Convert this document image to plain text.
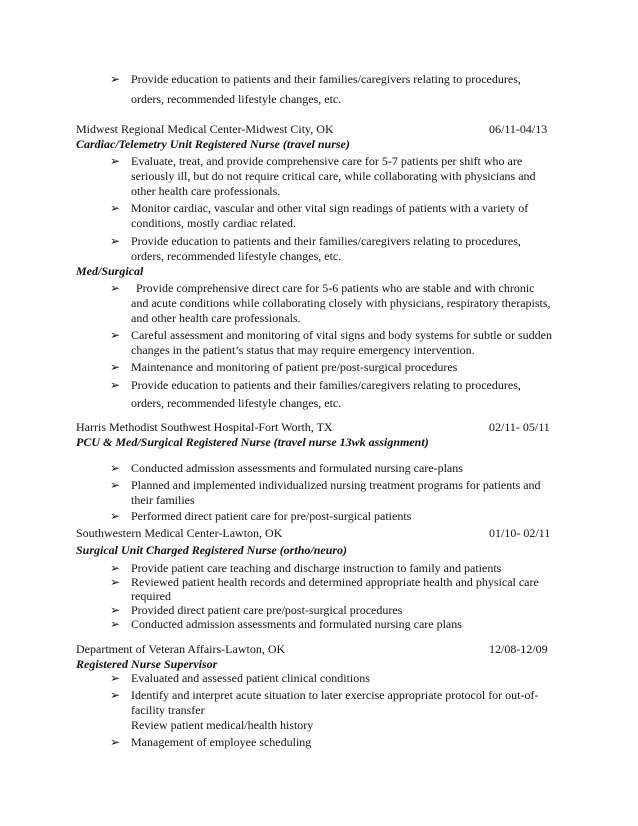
➢ Provide education to patients and their families/caregivers relating to procedures,
orders, recommended lifestyle changes, etc.
Midwest Regional Medical Center-Midwest City, OK	06/11-04/13
Cardiac/Telemetry Unit Registered Nurse (travel nurse)
➢ Evaluate, treat, and provide comprehensive care for 5-7 patients per shift who are
seriously ill, but do not require critical care, while collaborating with physicians and
other health care professionals.
➢ Monitor cardiac, vascular and other vital sign readings of patients with a variety of
conditions, mostly cardiac related.
➢ Provide education to patients and their families/caregivers relating to procedures,
orders, recommended lifestyle changes, etc.
Med/Surgical
➢ Provide comprehensive direct care for 5-6 patients who are stable and with chronic
and acute conditions while collaborating closely with physicians, respiratory therapists,
and other health care professionals.
➢ Careful assessment and monitoring of vital signs and body systems for subtle or sudden
changes in the patient’s status that may require emergency intervention.
➢ Maintenance and monitoring of patient pre/post-surgical procedures
➢ Provide education to patients and their families/caregivers relating to procedures,
orders, recommended lifestyle changes, etc.
Harris Methodist Southwest Hospital-Fort Worth, TX	02/11- 05/11
PCU & Med/Surgical Registered Nurse (travel nurse 13wk assignment)
➢ Conducted admission assessments and formulated nursing care-plans
➢ Planned and implemented individualized nursing treatment programs for patients and
their families
➢ Performed direct patient care for pre/post-surgical patients
Southwestern Medical Center-Lawton, OK	01/10- 02/11
Surgical Unit Charged Registered Nurse (ortho/neuro)
➢ Provide patient care teaching and discharge instruction to family and patients
➢ Reviewed patient health records and determined appropriate health and physical care
required
➢ Provided direct patient care pre/post-surgical procedures
➢ Conducted admission assessments and formulated nursing care plans
Department of Veteran Affairs-Lawton, OK	12/08-12/09
Registered Nurse Supervisor
➢ Evaluated and assessed patient clinical conditions
➢ Identify and interpret acute situation to later exercise appropriate protocol for out-of-
facility transfer
Review patient medical/health history
➢ Management of employee scheduling
